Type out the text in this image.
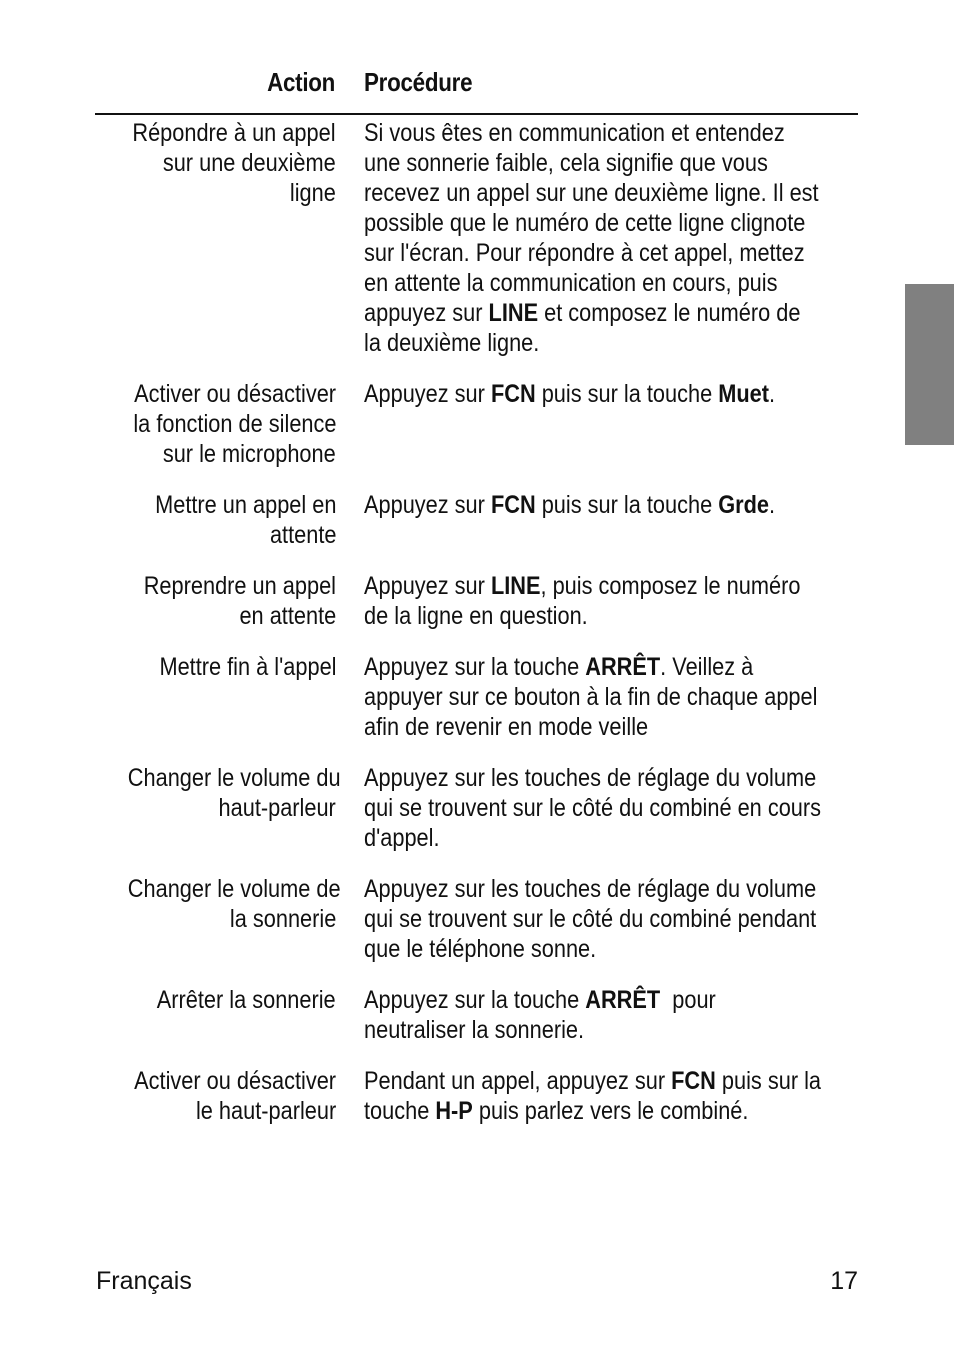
Action Procédure
Répondre à un appel
sur une deuxième
ligne
Si vous êtes en communication et entendez
une sonnerie faible, cela signifie que vous
recevez un appel sur une deuxième ligne. Il est
possible que le numéro de cette ligne clignote
sur l'écran. Pour répondre à cet appel, mettez
en attente la communication en cours, puis
appuyez sur LINE et composez le numéro de
la deuxième ligne.
Activer ou désactiver
la fonction de silence
sur le microphone
Appuyez sur FCN puis sur la touche Muet.
Mettre un appel en
attente
Appuyez sur FCN puis sur la touche Grde.
Reprendre un appel
en attente
Appuyez sur LINE, puis composez le numéro
de la ligne en question.
Mettre fin à l'appel Appuyez sur la touche ARRÊT. Veillez à
appuyer sur ce bouton à la fin de chaque appel
afin de revenir en mode veille
Changer le volume du
haut-parleur
Appuyez sur les touches de réglage du volume
qui se trouvent sur le côté du combiné en cours
d'appel.
Changer le volume de
la sonnerie
Appuyez sur les touches de réglage du volume
qui se trouvent sur le côté du combiné pendant
que le téléphone sonne.
Arrêter la sonnerie Appuyez sur la touche ARRÊT  pour
neutraliser la sonnerie.
Activer ou désactiver
le haut-parleur
Pendant un appel, appuyez sur FCN puis sur la
touche H-P puis parlez vers le combiné.
Français	17
